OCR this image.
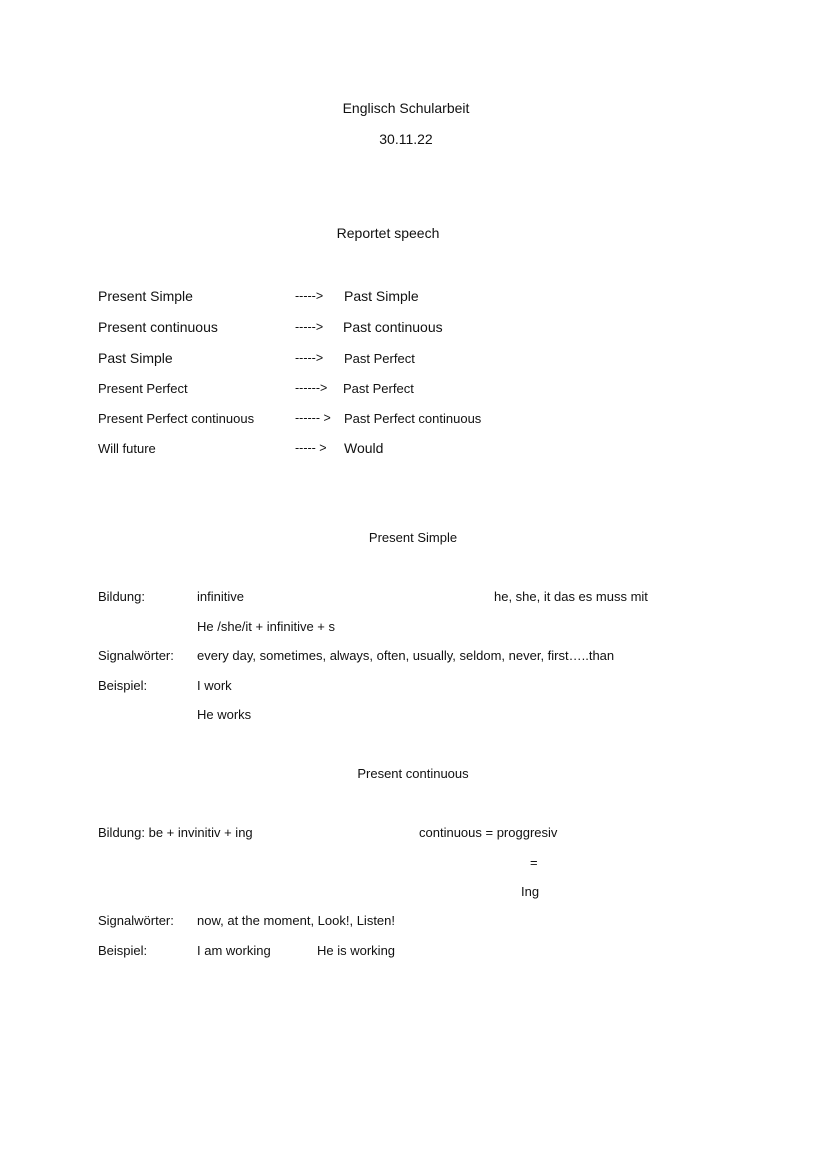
Englisch Schularbeit
30.11.22
Reportet speech
Present Simple	-----> Past Simple
Present continuous	-----> Past continuous
Past Simple	-----> Past Perfect
Present Perfect	------> Past Perfect
Present Perfect continuous	------ > Past Perfect continuous
Will future	----- > Would
Present Simple
Bildung:	infinitive	he, she, it das es muss mit
He /she/it + infinitive + s
Signalwörter: every day, sometimes, always, often, usually, seldom, never, first…..than
Beispiel:	I work
He works
Present continuous
Bildung: be + invinitiv + ing	continuous = proggresiv
=
Ing
Signalwörter: now, at the moment, Look!, Listen!
Beispiel:	I am working	He is working
